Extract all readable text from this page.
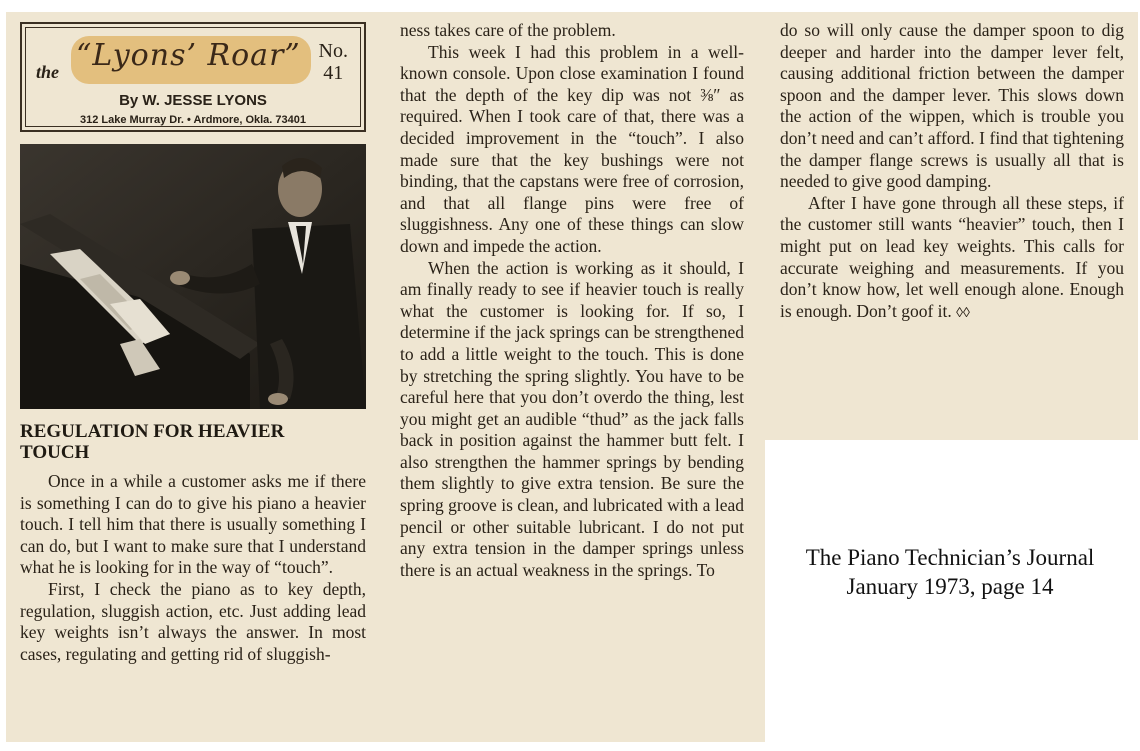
the “Lyons’ Roar” No.
41
By W. JESSE LYONS
312 Lake Murray Dr. • Ardmore, Okla. 73401
REGULATION FOR HEAVIER
TOUCH

Once in a while a customer asks me if there is something I can do to give his piano a heavier touch. I tell him that there is usually something I can do, but I want to make sure that I understand what he is looking for in the way of “touch”.

First, I check the piano as to key depth, regulation, sluggish action, etc. Just adding lead key weights isn’t always the answer. In most cases, regulating and getting rid of sluggish-

ness takes care of the problem.

This week I had this problem in a well-known console. Upon close examination I found that the depth of the key dip was not ⅜″ as required. When I took care of that, there was a decided improvement in the “touch”. I also made sure that the key bushings were not binding, that the capstans were free of corrosion, and that all flange pins were free of sluggishness. Any one of these things can slow down and impede the action.

When the action is working as it should, I am finally ready to see if heavier touch is really what the customer is looking for. If so, I determine if the jack springs can be strengthened to add a little weight to the touch. This is done by stretching the spring slightly. You have to be careful here that you don’t overdo the thing, lest you might get an audible “thud” as the jack falls back in position against the hammer butt felt. I also strengthen the hammer springs by bending them slightly to give extra tension. Be sure the spring groove is clean, and lubricated with a lead pencil or other suitable lubricant. I do not put any extra tension in the damper springs unless there is an actual weakness in the springs. To

do so will only cause the damper spoon to dig deeper and harder into the damper lever felt, causing additional friction between the damper spoon and the damper lever. This slows down the action of the wippen, which is trouble you don’t need and can’t afford. I find that tightening the damper flange screws is usually all that is needed to give good damping.

After I have gone through all these steps, if the customer still wants “heavier” touch, then I might put on lead key weights. This calls for accurate weighing and measurements. If you don’t know how, let well enough alone. Enough is enough. Don’t goof it. ◊◊

The Piano Technician’s Journal
January 1973, page 14
